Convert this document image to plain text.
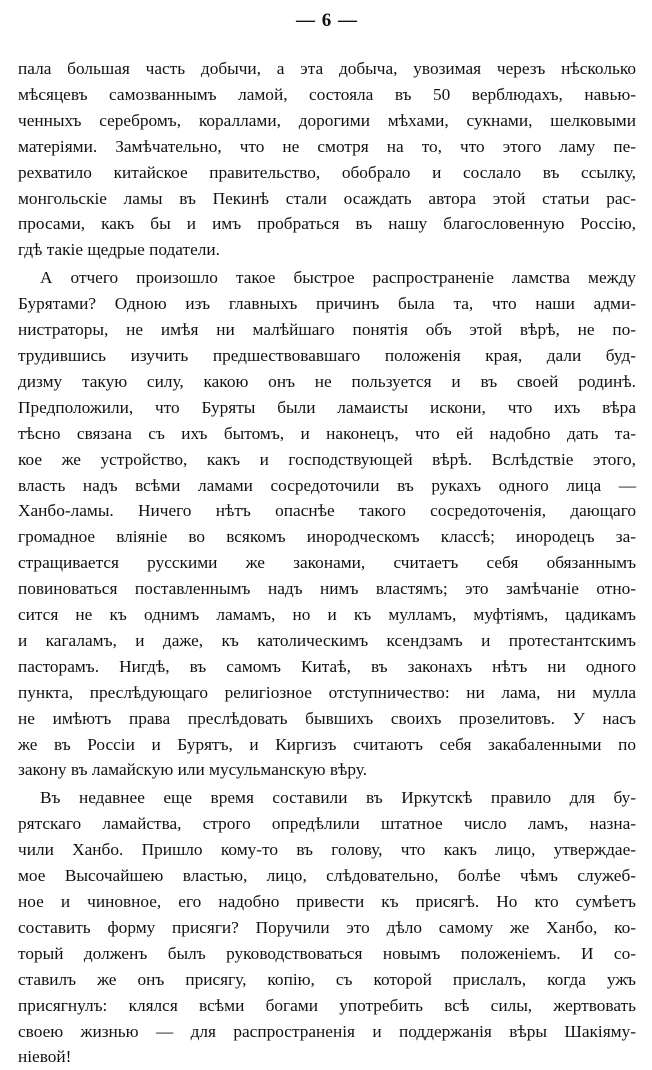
— 6 —

пала большая часть добычи, а эта добыча, увозимая черезъ нѣсколько
мѣсяцевъ самозваннымъ ламой, состояла въ 50 верблюдахъ, навью-
ченныхъ серебромъ, кораллами, дорогими мѣхами, сукнами, шелковыми
матеріями. Замѣчательно, что не смотря на то, что этого ламу пе-
рехватило китайское правительство, обобрало и сослало въ ссылку,
монгольскіе ламы въ Пекинѣ стали осаждать автора этой статьи рас-
просами, какъ бы и имъ пробраться въ нашу благословенную Россію,
гдѣ такіе щедрые податели.

А отчего произошло такое быстрое распространеніе ламства между
Бурятами? Одною изъ главныхъ причинъ была та, что наши адми-
нистраторы, не имѣя ни малѣйшаго понятія объ этой вѣрѣ, не по-
трудившись изучить предшествовавшаго положенія края, дали буд-
дизму такую силу, какою онъ не пользуется и въ своей родинѣ.
Предположили, что Буряты были ламаисты искони, что ихъ вѣра
тѣсно связана съ ихъ бытомъ, и наконецъ, что ей надобно дать та-
кое же устройство, какъ и господствующей вѣрѣ. Вслѣдствіе этого,
власть надъ всѣми ламами сосредоточили въ рукахъ одного лица —
Ханбо-ламы. Ничего нѣтъ опаснѣе такого сосредоточенія, дающаго
громадное вліяніе во всякомъ инородческомъ классѣ; инородецъ за-
стращивается русскими же законами, считаетъ себя обязаннымъ
повиноваться поставленнымъ надъ нимъ властямъ; это замѣчаніе отно-
сится не къ однимъ ламамъ, но и къ мулламъ, муфтіямъ, цадикамъ
и кагаламъ, и даже, къ католическимъ ксендзамъ и протестантскимъ
пасторамъ. Нигдѣ, въ самомъ Китаѣ, въ законахъ нѣтъ ни одного
пункта, преслѣдующаго религіозное отступничество: ни лама, ни мулла
не имѣютъ права преслѣдовать бывшихъ своихъ прозелитовъ. У насъ
же въ Россіи и Бурятъ, и Киргизъ считаютъ себя закабаленными по
закону въ ламайскую или мусульманскую вѣру.

Въ недавнее еще время составили въ Иркутскѣ правило для бу-
рятскаго ламайства, строго опредѣлили штатное число ламъ, назна-
чили Ханбо. Пришло кому-то въ голову, что какъ лицо, утверждае-
мое Высочайшею властью, лицо, слѣдовательно, болѣе чѣмъ служеб-
ное и чиновное, его надобно привести къ присягѣ. Но кто сумѣетъ
составить форму присяги? Поручили это дѣло самому же Ханбо, ко-
торый долженъ былъ руководствоваться новымъ положеніемъ. И со-
ставилъ же онъ присягу, копію, съ которой прислалъ, когда ужъ
присягнулъ: клялся всѣми богами употребить всѣ силы, жертвовать
своею жизнью — для распространенія и поддержанія вѣры Шакіяму-
ніевой!
